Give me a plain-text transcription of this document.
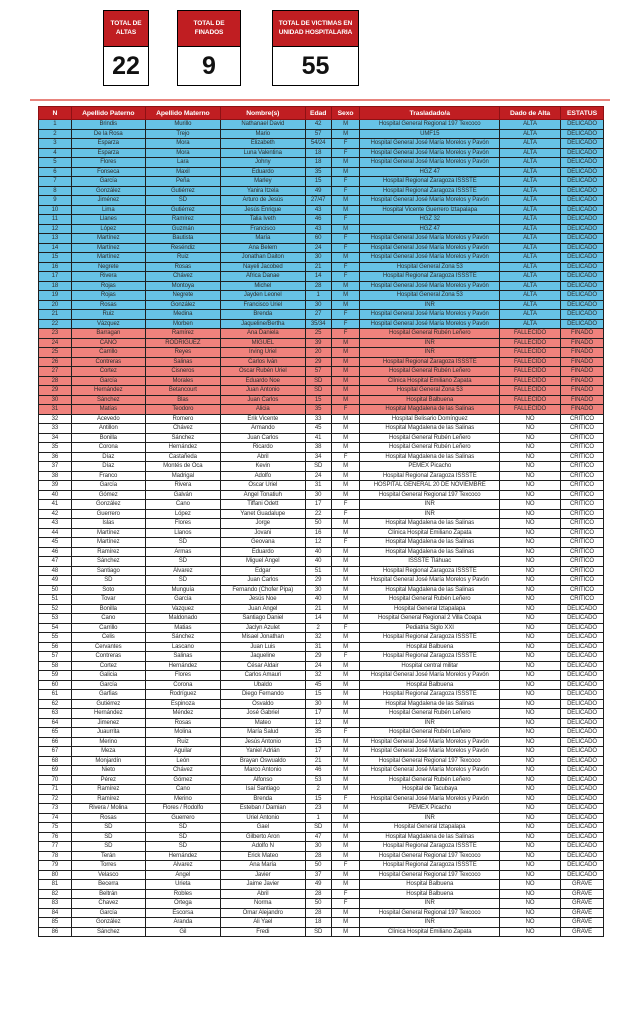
TOTAL DE ALTAS
22
TOTAL DE FINADOS
9
TOTAL DE VICTIMAS EN UNIDAD HOSPITALARIA
55
N	Apellido Paterno	Apellido Materno	Nombre(s)	Edad	Sexo	Trasladado/a	Dado de Alta	ESTATUS
1	Brindis	Murillo	Nathanael David	42	M	Hospital General Regional 197 Texcoco	ALTA	DELICADO
2	De la Rosa	Trejo	Mario	57	M	UMF15	ALTA	DELICADO
3	Esparza	Mora	Elizabeth	54/24	F	Hospital General José María Morelos y Pavón	ALTA	DELICADO
4	Esparza	Mora	Luna Valentina	18	F	Hospital General José María Morelos y Pavón	ALTA	DELICADO
5	Flores	Lara	Johny	18	M	Hospital General José María Morelos y Pavón	ALTA	DELICADO
6	Fonseca	Maxil	Eduardo	35	M	HGZ 47	ALTA	DELICADO
7	García	Peña	Marley	15	F	Hospital Regional Zaragoza ISSSTE	ALTA	DELICADO
8	González	Gutiérrez	Yanira Itzela	49	F	Hospital Regional Zaragoza ISSSTE	ALTA	DELICADO
9	Jiménez	SD	Arturo de Jesús	27/47	M	Hospital General José María Morelos y Pavón	ALTA	DELICADO
10	Lima	Gutiérrez	Jesús Enrique	43	M	Hospital Vicente Guerrero Iztapalapa	ALTA	DELICADO
11	Llanes	Ramírez	Talia Iveth	46	F	HGZ 32	ALTA	DELICADO
12	López	Guzmán	Francisco	43	M	HGZ 47	ALTA	DELICADO
13	Martínez	Bautista	María	60	F	Hospital General José María Morelos y Pavón	ALTA	DELICADO
14	Martínez	Reséndiz	Ana Belem	24	F	Hospital General José María Morelos y Pavón	ALTA	DELICADO
15	Martínez	Ruiz	Jonathan Daiton	30	M	Hospital General José María Morelos y Pavón	ALTA	DELICADO
16	Negrete	Rosas	Nayeli Jacobed	21	F	Hospital General Zona 53	ALTA	DELICADO
17	Rivera	Chávez	África Danae	14	F	Hospital Regional Zaragoza ISSSTE	ALTA	DELICADO
18	Rojas	Montoya	Michel	28	M	Hospital General José María Morelos y Pavón	ALTA	DELICADO
19	Rojas	Negrete	Jayden Leonel	1	M	Hospital General Zona 53	ALTA	DELICADO
20	Rosas	González	Francisco Uriel	30	M	INR	ALTA	DELICADO
21	Ruiz	Medina	Brenda	27	F	Hospital General José María Morelos y Pavón	ALTA	DELICADO
22	Vázquez	Morben	Jaqueline/Bertha	35/34	F	Hospital General José María Morelos y Pavón	ALTA	DELICADO
23	Barragan	Ramírez	Ana Daniela	25	F	Hospital General Rubén Leñero	FALLECIDO	FINADO
24	CANO	RODRIGUEZ	MIGUEL	39	M	INR	FALLECIDO	FINADO
25	Carrillo	Reyes	Irving Uriel	20	M	INR	FALLECIDO	FINADO
26	Contreras	Salinas	Carlos Iván	29	M	Hospital Regional Zaragoza ISSSTE	FALLECIDO	FINADO
27	Cortez	Cisneros	Oscar Rubén Uriel	57	M	Hospital General Rubén Leñero	FALLECIDO	FINADO
28	García	Morales	Eduardo Noe	SD	M	Clínica Hospital Emiliano Zapata	FALLECIDO	FINADO
29	Hernández	Betancourt	Juan Antonio	SD	M	Hospital General Zona 53	FALLECIDO	FINADO
30	Sánchez	Blas	Juan Carlos	15	M	Hospital Balbuena	FALLECIDO	FINADO
31	Matías	Teodoro	Alicia	35	F	Hospital Magdalena de las Salinas	FALLECIDO	FINADO
32	Acevedo	Romero	Erik Vicente	33	M	Hospital Belisario Domínguez	NO	CRITICO
33	Antillon	Chávez	Armando	45	M	Hospital Magdalena de las Salinas	NO	CRITICO
34	Bonilla	Sánchez	Juan Carlos	41	M	Hospital General Rubén Leñero	NO	CRITICO
35	Corona	Hernández	Ricardo	38	M	Hospital General Rubén Leñero	NO	CRITICO
36	Díaz	Castañeda	Abril	34	F	Hospital Magdalena de las Salinas	NO	CRITICO
37	Díaz	Montés de Oca	Kevin	SD	M	PEMEX Picacho	NO	CRITICO
38	Franco	Madrigal	Adolfo	24	M	Hospital Regional Zaragoza ISSSTE	NO	CRITICO
39	García	Rivera	Oscar Uriel	31	M	HOSPITAL GENERAL 20 DE NOVIEMBRE	NO	CRITICO
40	Gómez	Galván	Ángel Tonatiuh	30	M	Hospital General Regional 197 Texcoco	NO	CRITICO
41	González	Cano	Tiffani Odett	17	F	INR	NO	CRITICO
42	Guerrero	López	Yanet Guadalupe	22	F	INR	NO	CRITICO
43	Islas	Flores	Jorge	50	M	Hospital Magdalena de las Salinas	NO	CRITICO
44	Martínez	Llanos	Jovani	16	M	Clínica Hospital Emiliano Zapata	NO	CRITICO
45	Martínez	SD	Geovana	12	F	Hospital Magdalena de las Salinas	NO	CRITICO
46	Ramírez	Armas	Eduardo	40	M	Hospital Magdalena de las Salinas	NO	CRITICO
47	Sánchez	SD	Miguel Ángel	40	M	ISSSTE Tláhuac	NO	CRITICO
48	Santiago	Álvarez	Edgar	51	M	Hospital Regional Zaragoza ISSSTE	NO	CRITICO
49	SD	SD	Juan Carlos	29	M	Hospital General José María Morelos y Pavón	NO	CRITICO
50	Soto	Munguía	Fernando (Chofer Pipa)	30	M	Hospital Magdalena de las Salinas	NO	CRITICO
51	Tovar	García	Jesús Noe	40	M	Hospital General Rubén Leñero	NO	CRITICO
52	Bonilla	Vazquez	Juan Ángel	21	M	Hospital General Iztapalapa	NO	DELICADO
53	Cano	Maldonado	Santiago Daniel	14	M	Hospital General Regional 2 Villa Coapa	NO	DELICADO
54	Carrillo	Matias	Jaclyn Azulet	2	F	Pediatria Siglo XXI	NO	DELICADO
55	Celis	Sánchez	Misael Jonathan	32	M	Hospital Regional Zaragoza ISSSTE	NO	DELICADO
56	Cervantes	Lascano	Juan Luis	31	M	Hospital Balbuena	NO	DELICADO
57	Contreras	Salinas	Jaqueline	29	F	Hospital Regional Zaragoza ISSSTE	NO	DELICADO
58	Cortez	Hernández	César Aldair	24	M	Hospital central militar	NO	DELICADO
59	Galicia	Flores	Carlos Amauri	32	M	Hospital General José María Morelos y Pavón	NO	DELICADO
60	García	Corona	Ubaldo	45	M	Hospital Balbuena	NO	DELICADO
61	Garfias	Rodríguez	Diego Fernando	15	M	Hospital Regional Zaragoza ISSSTE	NO	DELICADO
62	Gutiérrez	Espinoza	Osvaldo	30	M	Hospital Magdalena de las Salinas	NO	DELICADO
63	Hernández	Méndez	José Gabriel	17	M	Hospital General Rubén Leñero	NO	DELICADO
64	Jimenez	Rosas	Mateo	12	M	INR	NO	DELICADO
65	Juaurrita	Molina	María Salud	35	F	Hospital General Rubén Leñero	NO	DELICADO
66	Merino	Ruiz	Jesús Antonio	15	M	Hospital General José María Morelos y Pavón	NO	DELICADO
67	Meza	Aguilar	Yaniel Adrián	17	M	Hospital General José María Morelos y Pavón	NO	DELICADO
68	Monjardín	León	Brayan Oswualdo	21	M	Hospital General Regional 197 Texcoco	NO	DELICADO
69	Nieto	Chávez	Marco Antonio	46	M	Hospital General José María Morelos y Pavón	NO	DELICADO
70	Pérez	Gómez	Alfonso	53	M	Hospital General Rubén Leñero	NO	DELICADO
71	Ramírez	Cano	Isaí Santiago	2	M	Hospital de Tacubaya	NO	DELICADO
72	Ramírez	Merino	Brenda	15	F	Hospital General José María Morelos y Pavón	NO	DELICADO
73	Rivera / Molina	Flores / Rodolfo	Esteban / Damian	23	M	PEMEX Picacho	NO	DELICADO
74	Rosas	Guerrero	Uriel Antonio	1	M	INR	NO	DELICADO
75	SD	SD	Gael	SD	M	Hospital General Iztapalapa	NO	DELICADO
76	SD	SD	Gilberto Aron	47	M	Hospital Magdalena de las Salinas	NO	DELICADO
77	SD	SD	Adolfo N	30	M	Hospital Regional Zaragoza ISSSTE	NO	DELICADO
78	Terán	Hernández	Erick Mateo	28	M	Hospital General Regional 197 Texcoco	NO	DELICADO
79	Torres	Alvarez	Ana María	50	F	Hospital Regional Zaragoza ISSSTE	NO	DELICADO
80	Velasco	Ángel	Javier	37	M	Hospital General Regional 197 Texcoco	NO	DELICADO
81	Becerra	Urieta	Jaime Javier	49	M	Hospital Balbuena	NO	GRAVE
82	Beltrán	Robles	Abril	28	F	Hospital Balbuena	NO	GRAVE
83	Chavez	Ortega	Norma	50	F	INR	NO	GRAVE
84	García	Escorsa	Omar Alejandro	28	M	Hospital General Regional 197 Texcoco	NO	GRAVE
85	González	Aranda	Ali Yael	18	M	INR	NO	GRAVE
86	Sánchez	Gil	Fredi	SD	M	Clínica Hospital Emiliano Zapata	NO	GRAVE
